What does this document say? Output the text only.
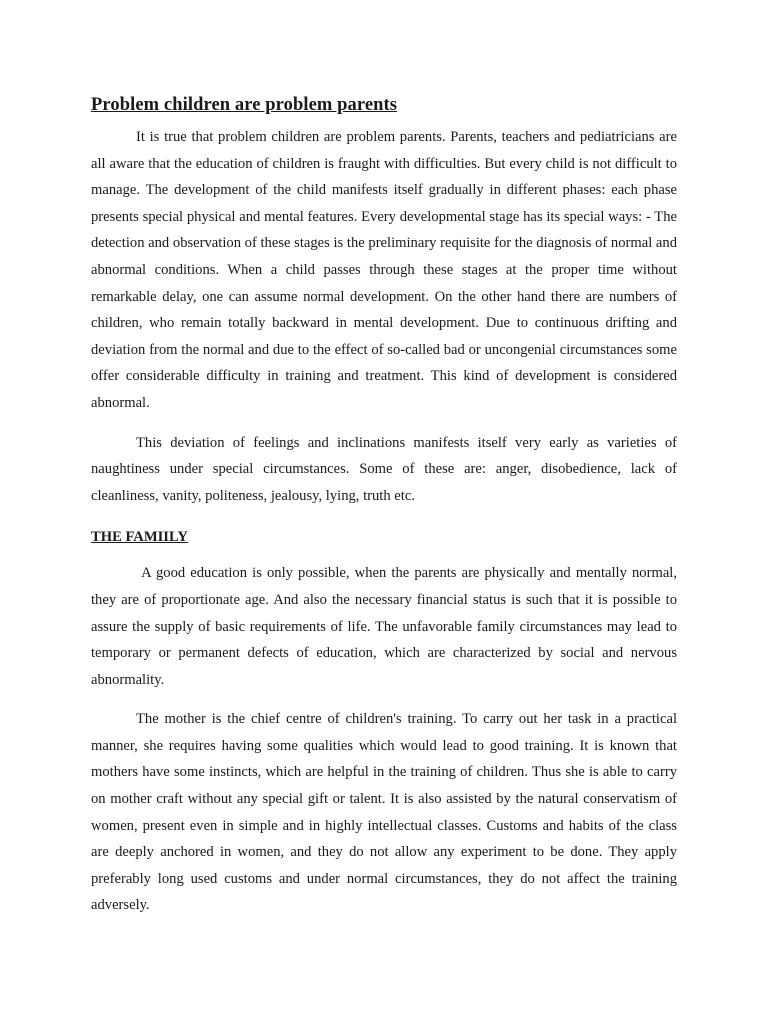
Problem children are problem parents

It is true that problem children are problem parents. Parents, teachers and pediatricians are all aware that the education of children is fraught with difficulties. But every child is not difficult to manage. The development of the child manifests itself gradually in different phases: each phase presents special physical and mental features. Every developmental stage has its special ways: - The detection and observation of these stages is the preliminary requisite for the diagnosis of normal and abnormal conditions. When a child passes through these stages at the proper time without remarkable delay, one can assume normal development. On the other hand there are numbers of children, who remain totally backward in mental development. Due to continuous drifting and deviation from the normal and due to the effect of so-called bad or uncongenial circumstances some offer considerable difficulty in training and treatment. This kind of development is considered abnormal.

This deviation of feelings and inclinations manifests itself very early as varieties of naughtiness under special circumstances. Some of these are: anger, disobedience, lack of cleanliness, vanity, politeness, jealousy, lying, truth etc.

THE FAMIILY

A good education is only possible, when the parents are physically and mentally normal, they are of proportionate age. And also the necessary financial status is such that it is possible to assure the supply of basic requirements of life. The unfavorable family circumstances may lead to temporary or permanent defects of education, which are characterized by social and nervous abnormality.

The mother is the chief centre of children's training. To carry out her task in a practical manner, she requires having some qualities which would lead to good training. It is known that mothers have some instincts, which are helpful in the training of children. Thus she is able to carry on mother craft without any special gift or talent. It is also assisted by the natural conservatism of women, present even in simple and in highly intellectual classes. Customs and habits of the class are deeply anchored in women, and they do not allow any experiment to be done. They apply preferably long used customs and under normal circumstances, they do not affect the training adversely.
